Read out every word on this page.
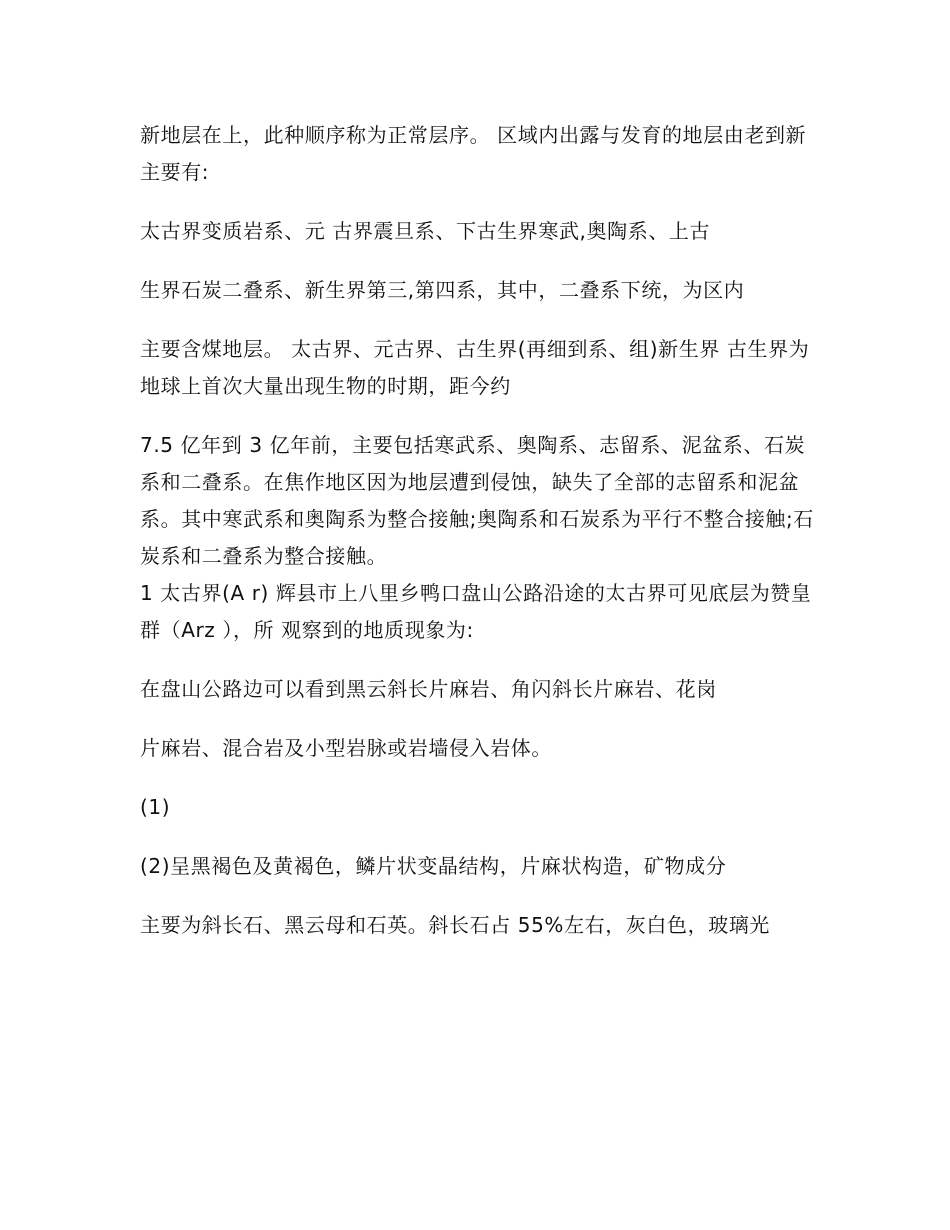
新地层在上，此种顺序称为正常层序。 区域内出露与发育的地层由老到新主要有:

太古界变质岩系、元 古界震旦系、下古生界寒武,奥陶系、上古

生界石炭二叠系、新生界第三,第四系，其中，二叠系下统，为区内

主要含煤地层。 太古界、元古界、古生界(再细到系、组)新生界 古生界为地球上首次大量出现生物的时期，距今约

7.5 亿年到 3 亿年前，主要包括寒武系、奥陶系、志留系、泥盆系、石炭系和二叠系。在焦作地区因为地层遭到侵蚀，缺失了全部的志留系和泥盆系。其中寒武系和奥陶系为整合接触;奥陶系和石炭系为平行不整合接触;石炭系和二叠系为整合接触。

1 太古界(A r) 辉县市上八里乡鸭口盘山公路沿途的太古界可见底层为赞皇群（Arz ），所 观察到的地质现象为:

在盘山公路边可以看到黑云斜长片麻岩、角闪斜长片麻岩、花岗

片麻岩、混合岩及小型岩脉或岩墙侵入岩体。

(1)

(2)呈黑褐色及黄褐色，鳞片状变晶结构，片麻状构造，矿物成分

主要为斜长石、黑云母和石英。斜长石占 55%左右，灰白色，玻璃光
